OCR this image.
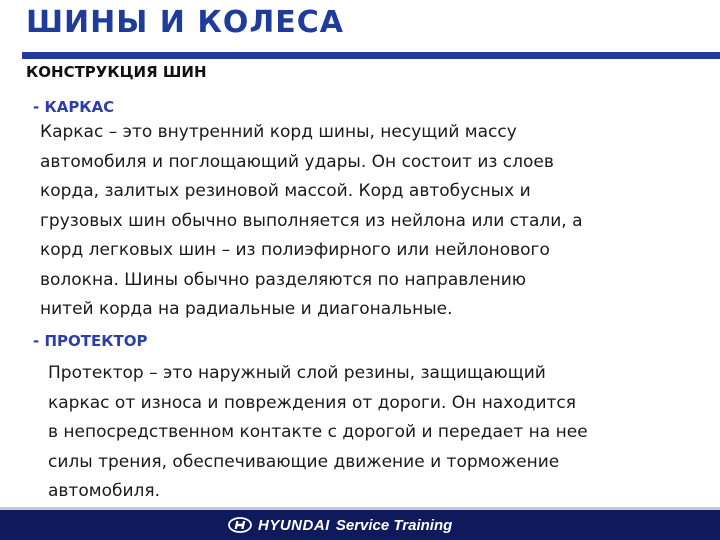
ШИНЫ И КОЛЕСА
КОНСТРУКЦИЯ ШИН
- КАРКАС

Каркас – это внутренний корд шины, несущий массу
автомобиля и поглощающий удары. Он состоит из слоев
корда, залитых резиновой массой. Корд автобусных и
грузовых шин обычно выполняется из нейлона или стали, а
корд легковых шин – из полиэфирного или нейлонового
волокна. Шины обычно разделяются по направлению
нитей корда на радиальные и диагональные.

- ПРОТЕКТОР

Протектор – это наружный слой резины, защищающий
каркас от износа и повреждения от дороги. Он находится
в непосредственном контакте с дорогой и передает на нее
силы трения, обеспечивающие движение и торможение
автомобиля.

HYUNDAI Service Training
